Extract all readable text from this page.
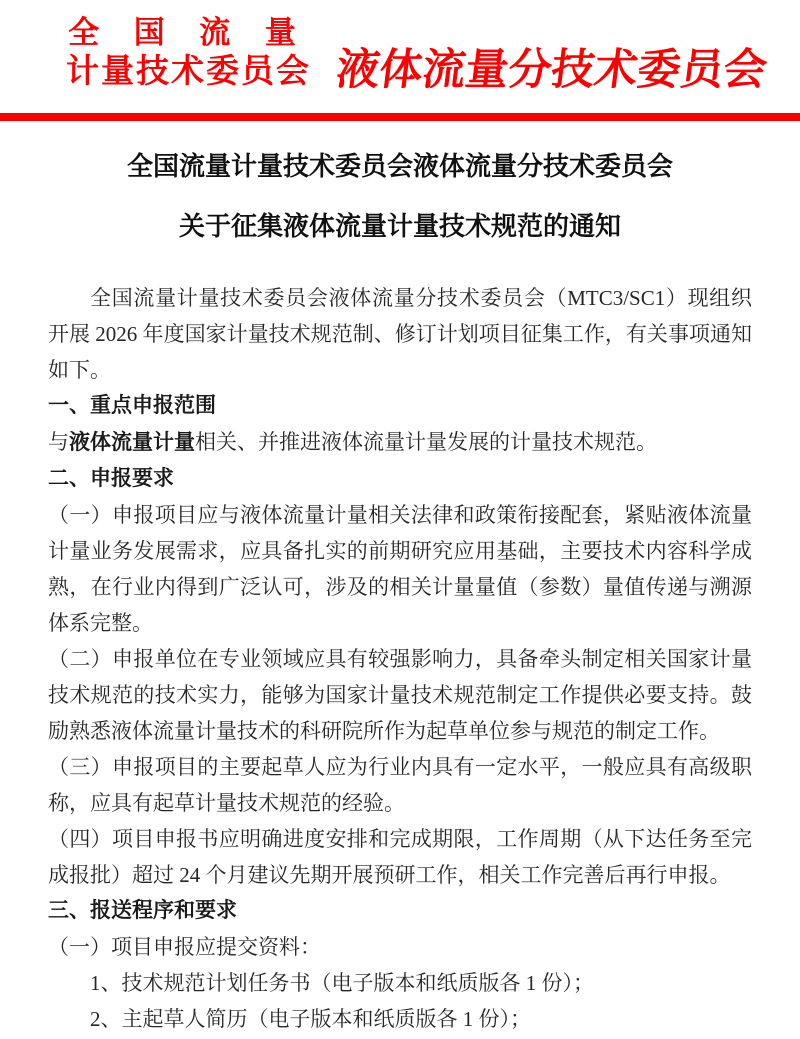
全 国 流 量
计量技术委员会 液体流量分技术委员会
全国流量计量技术委员会液体流量分技术委员会
关于征集液体流量计量技术规范的通知

全国流量计量技术委员会液体流量分技术委员会（MTC3/SC1）现组织开展 2026 年度国家计量技术规范制、修订计划项目征集工作，有关事项通知如下。

一、重点申报范围

与液体流量计量相关、并推进液体流量计量发展的计量技术规范。

二、申报要求

（一）申报项目应与液体流量计量相关法律和政策衔接配套，紧贴液体流量计量业务发展需求，应具备扎实的前期研究应用基础，主要技术内容科学成熟，在行业内得到广泛认可，涉及的相关计量量值（参数）量值传递与溯源体系完整。

（二）申报单位在专业领域应具有较强影响力，具备牵头制定相关国家计量技术规范的技术实力，能够为国家计量技术规范制定工作提供必要支持。鼓励熟悉液体流量计量技术的科研院所作为起草单位参与规范的制定工作。

（三）申报项目的主要起草人应为行业内具有一定水平，一般应具有高级职称，应具有起草计量技术规范的经验。

（四）项目申报书应明确进度安排和完成期限，工作周期（从下达任务至完成报批）超过 24 个月建议先期开展预研工作，相关工作完善后再行申报。

三、报送程序和要求

（一）项目申报应提交资料：

1、技术规范计划任务书（电子版本和纸质版各 1 份）；

2、主起草人简历（电子版本和纸质版各 1 份）；
